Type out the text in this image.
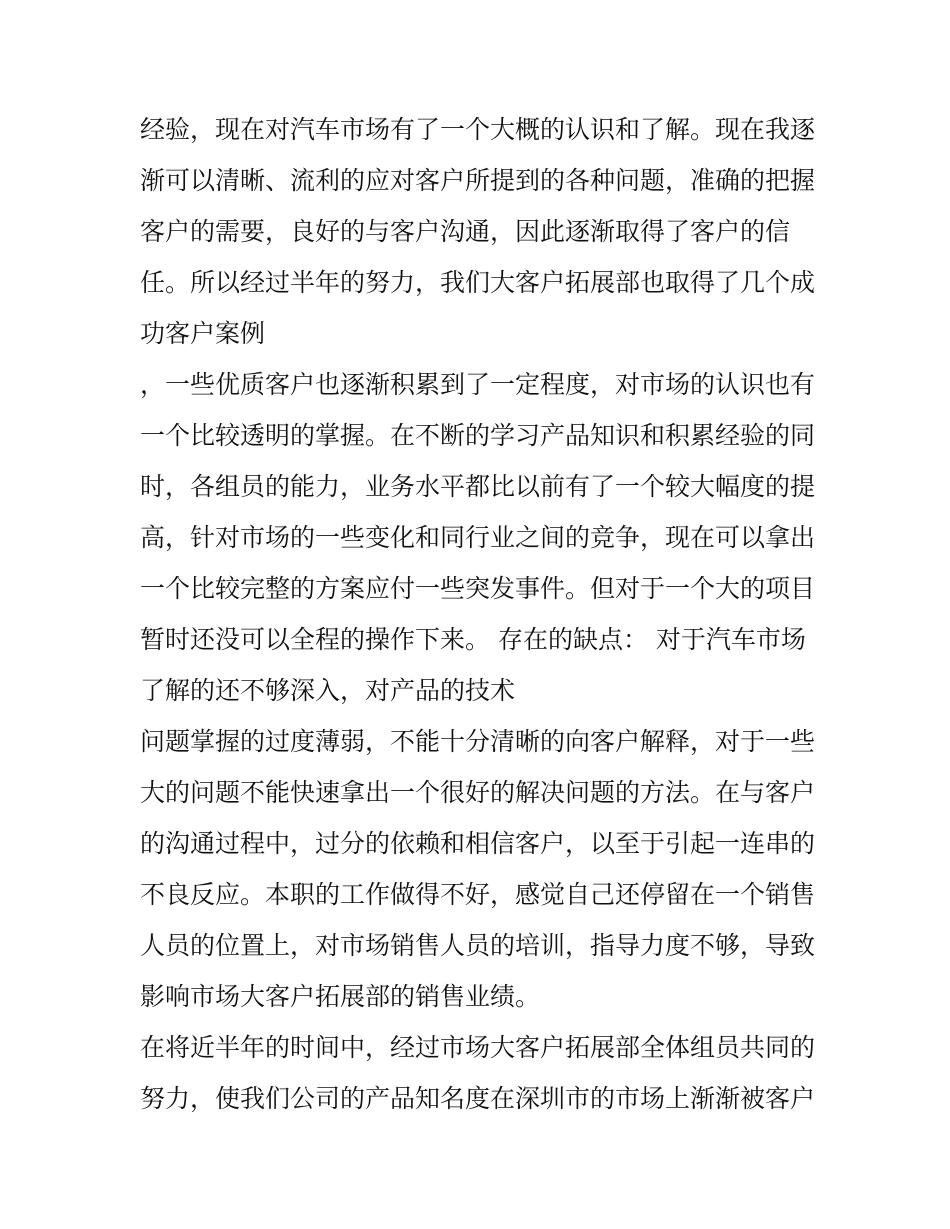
经验，现在对汽车市场有了一个大概的认识和了解。现在我逐
渐可以清晰、流利的应对客户所提到的各种问题，准确的把握
客户的需要，良好的与客户沟通，因此逐渐取得了客户的信
任。所以经过半年的努力，我们大客户拓展部也取得了几个成
功客户案例
，一些优质客户也逐渐积累到了一定程度，对市场的认识也有
一个比较透明的掌握。在不断的学习产品知识和积累经验的同
时，各组员的能力，业务水平都比以前有了一个较大幅度的提
高，针对市场的一些变化和同行业之间的竞争，现在可以拿出
一个比较完整的方案应付一些突发事件。但对于一个大的项目
暂时还没可以全程的操作下来。 存在的缺点： 对于汽车市场
了解的还不够深入，对产品的技术
问题掌握的过度薄弱，不能十分清晰的向客户解释，对于一些
大的问题不能快速拿出一个很好的解决问题的方法。在与客户
的沟通过程中，过分的依赖和相信客户，以至于引起一连串的
不良反应。本职的工作做得不好，感觉自己还停留在一个销售
人员的位置上，对市场销售人员的培训，指导力度不够，导致
影响市场大客户拓展部的销售业绩。
在将近半年的时间中，经过市场大客户拓展部全体组员共同的
努力，使我们公司的产品知名度在深圳市的市场上渐渐被客户
